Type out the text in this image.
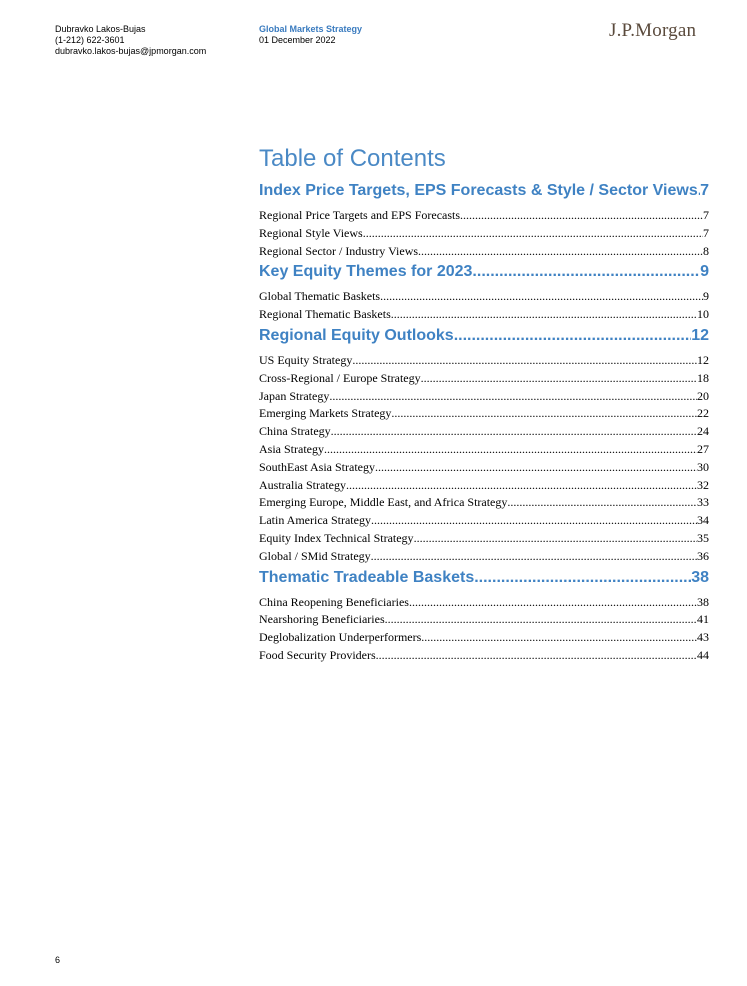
Dubravko Lakos-Bujas
(1-212) 622-3601
dubravko.lakos-bujas@jpmorgan.com
Global Markets Strategy
01 December 2022	J.P.Morgan
Table of Contents
Index Price Targets, EPS Forecasts & Style / Sector Views ..... 7
Regional Price Targets and EPS Forecasts .....	7
Regional Style Views .....	7
Regional Sector / Industry Views .....	8
Key Equity Themes for 2023 .....	9
Global Thematic Baskets .....	9
Regional Thematic Baskets .....	10
Regional Equity Outlooks .....	12
US Equity Strategy .....	12
Cross-Regional / Europe Strategy .....	18
Japan Strategy .....	20
Emerging Markets Strategy .....	22
China Strategy .....	24
Asia Strategy .....	27
SouthEast Asia Strategy .....	30
Australia Strategy .....	32
Emerging Europe, Middle East, and Africa Strategy .....	33
Latin America Strategy .....	34
Equity Index Technical Strategy .....	35
Global / SMid Strategy .....	36
Thematic Tradeable Baskets .....	38
China Reopening Beneficiaries .....	38
Nearshoring Beneficiaries .....	41
Deglobalization Underperformers .....	43
Food Security Providers .....	44
6
